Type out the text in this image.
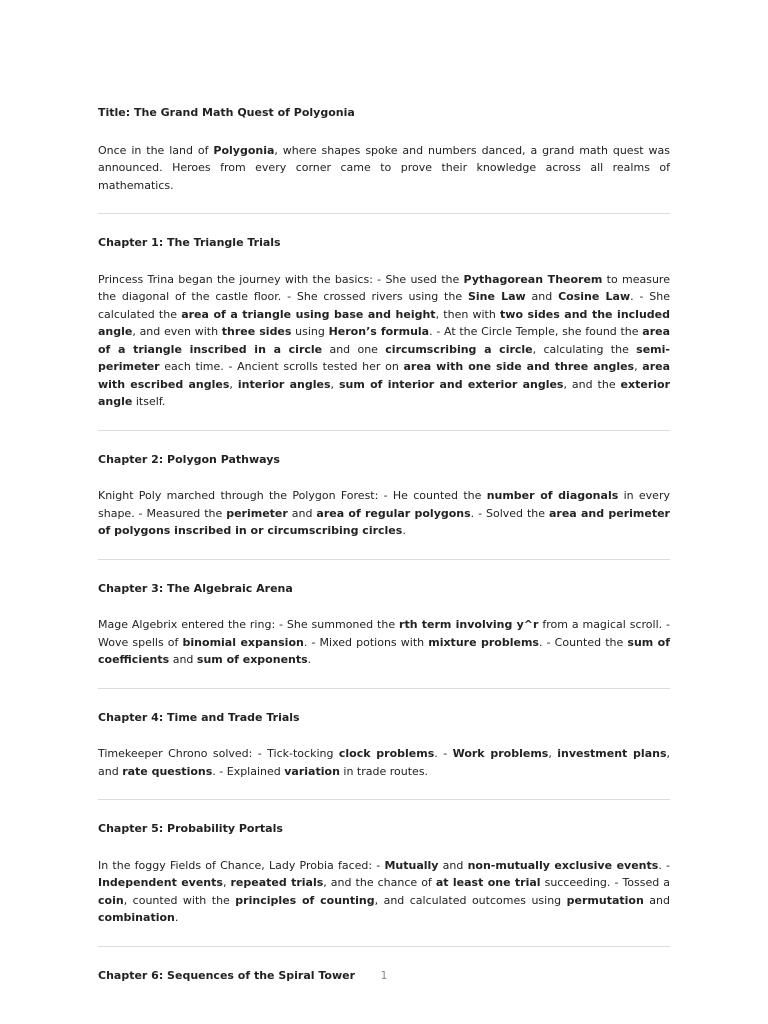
Title: The Grand Math Quest of Polygonia

Once in the land of Polygonia, where shapes spoke and numbers danced, a grand math quest was announced. Heroes from every corner came to prove their knowledge across all realms of mathematics.

Chapter 1: The Triangle Trials

Princess Trina began the journey with the basics: - She used the Pythagorean Theorem to measure the diagonal of the castle floor. - She crossed rivers using the Sine Law and Cosine Law. - She calculated the area of a triangle using base and height, then with two sides and the included angle, and even with three sides using Heron’s formula. - At the Circle Temple, she found the area of a triangle inscribed in a circle and one circumscribing a circle, calculating the semi-perimeter each time. - Ancient scrolls tested her on area with one side and three angles, area with escribed angles, interior angles, sum of interior and exterior angles, and the exterior angle itself.

Chapter 2: Polygon Pathways

Knight Poly marched through the Polygon Forest: - He counted the number of diagonals in every shape. - Measured the perimeter and area of regular polygons. - Solved the area and perimeter of polygons inscribed in or circumscribing circles.

Chapter 3: The Algebraic Arena

Mage Algebrix entered the ring: - She summoned the rth term involving y^r from a magical scroll. - Wove spells of binomial expansion. - Mixed potions with mixture problems. - Counted the sum of coefficients and sum of exponents.

Chapter 4: Time and Trade Trials

Timekeeper Chrono solved: - Tick-tocking clock problems. - Work problems, investment plans, and rate questions. - Explained variation in trade routes.

Chapter 5: Probability Portals

In the foggy Fields of Chance, Lady Probia faced: - Mutually and non-mutually exclusive events. - Independent events, repeated trials, and the chance of at least one trial succeeding. - Tossed a coin, counted with the principles of counting, and calculated outcomes using permutation and combination.

Chapter 6: Sequences of the Spiral Tower	1
